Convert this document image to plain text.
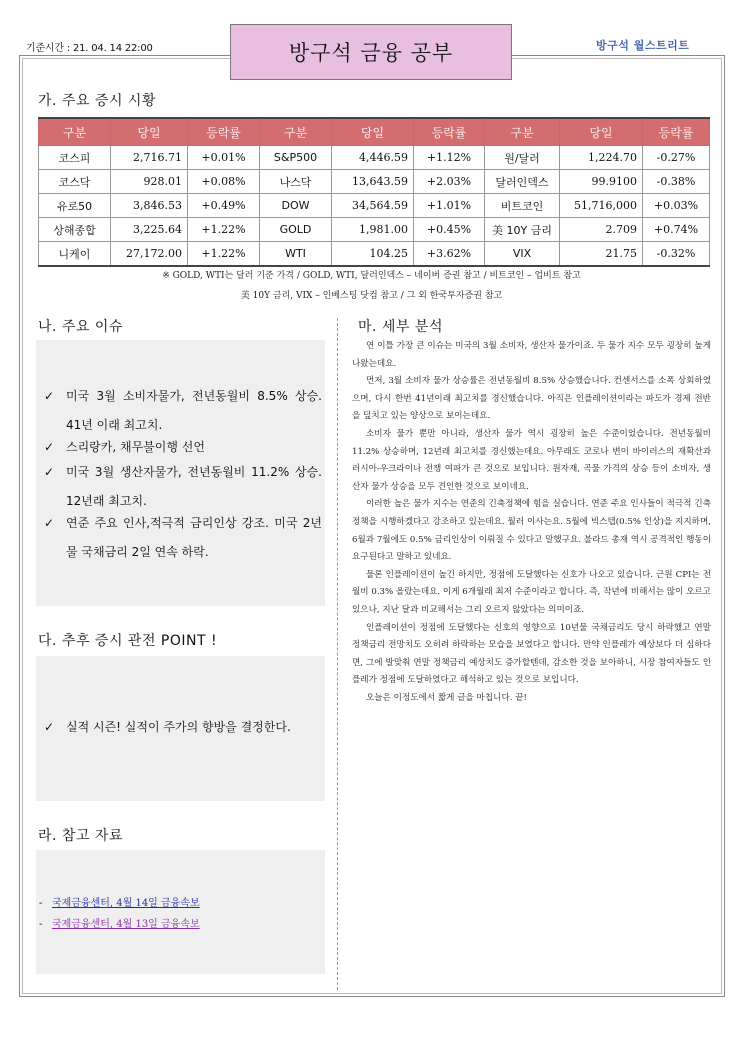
기준시간 : 21. 04. 14 22:00	방구석 금융 공부	방구석 월스트리트
가. 주요 증시 시황
구분	당일	등락률	구분	당일	등락률	구분	당일	등락률
코스피	2,716.71	+0.01%	S&P500	4,446.59	+1.12%	원/달러	1,224.70	-0.27%
코스닥	928.01	+0.08%	나스닥	13,643.59	+2.03%	달러인덱스	99.9100	-0.38%
유로50	3,846.53	+0.49%	DOW	34,564.59	+1.01%	비트코인	51,716,000	+0.03%
상해종합	3,225.64	+1.22%	GOLD	1,981.00	+0.45%	美 10Y 금리	2.709	+0.74%
니케이	27,172.00	+1.22%	WTI	104.25	+3.62%	VIX	21.75	-0.32%
※ GOLD, WTI는 달러 기준 가격 / GOLD, WTI, 달러인덱스 – 네이버 증권 참고 / 비트코인 – 업비트 참고
美 10Y 금리, VIX – 인베스팅 닷컴 참고 / 그 외 한국투자증권 참고
나. 주요 이슈
✓ 미국 3월 소비자물가, 전년동월비 8.5% 상승. 41년 이래 최고치.
✓ 스리랑카, 채무불이행 선언
✓ 미국 3월 생산자물가, 전년동월비 11.2% 상승. 12년래 최고치.
✓ 연준 주요 인사,적극적 금리인상 강조. 미국 2년물 국채금리 2일 연속 하락.
다. 추후 증시 관전 POINT !
✓ 실적 시즌! 실적이 주가의 향방을 결정한다.
라. 참고 자료
- 국제금융센터, 4월 14일 금융속보
- 국제금융센터, 4월 13일 금융속보
마. 세부 분석

연 이틀 가장 큰 이슈는 미국의 3월 소비자, 생산자 물가이죠. 두 물가 지수 모두 굉장히 높게 나왔는데요.

먼저, 3월 소비자 물가 상승률은 전년동월비 8.5% 상승했습니다. 컨센서스를 소폭 상회하였으며, 다시 한번 41년이래 최고치를 경신했습니다. 아직은 인플레이션이라는 파도가 경제 전반을 덮치고 있는 양상으로 보이는데요.

소비자 물가 뿐만 아니라, 생산자 물가 역시 굉장히 높은 수준이었습니다. 전년동월비 11.2% 상승하며, 12년래 최고치를 경신했는데요. 아무래도 코로나 변이 바이러스의 재확산과 러시아-우크라이나 전쟁 여파가 큰 것으로 보입니다. 원자재, 곡물 가격의 상승 등이 소비자, 생산자 물가 상승을 모두 견인한 것으로 보이네요.

이러한 높은 물가 지수는 연준의 긴축정책에 힘을 실습니다. 연준 주요 인사들이 적극적 긴축 정책을 시행하겠다고 강조하고 있는데요. 월러 이사는요. 5월에 빅스텝(0.5% 인상)을 지지하며, 6월과 7월에도 0.5% 금리인상이 이뤄질 수 있다고 말했구요. 불라드 총재 역시 공격적인 행동이 요구된다고 말하고 있네요.

물론 인플레이션이 높긴 하지만, 정점에 도달했다는 신호가 나오고 있습니다. 근원 CPI는 전월비 0.3% 올랐는데요. 이게 6개월래 최저 수준이라고 합니다. 즉, 작년에 비해서는 많이 오르고 있으나, 지난 달과 비교해서는 그리 오르지 않았다는 의미이죠.

인플레이션이 정점에 도달했다는 신호의 영향으로 10년물 국채금리도 당시 하락했고 연말 정책금리 전망치도 오히려 하락하는 모습을 보였다고 합니다. 만약 인플레가 예상보다 더 심하다면, 그에 발맞춰 연말 정책금리 예상치도 증가할텐데, 감소한 것을 보아하니, 시장 참여자들도 인플레가 정점에 도달하였다고 해석하고 있는 것으로 보입니다.

오늘은 이정도에서 짧게 글을 마칩니다. 끝!
